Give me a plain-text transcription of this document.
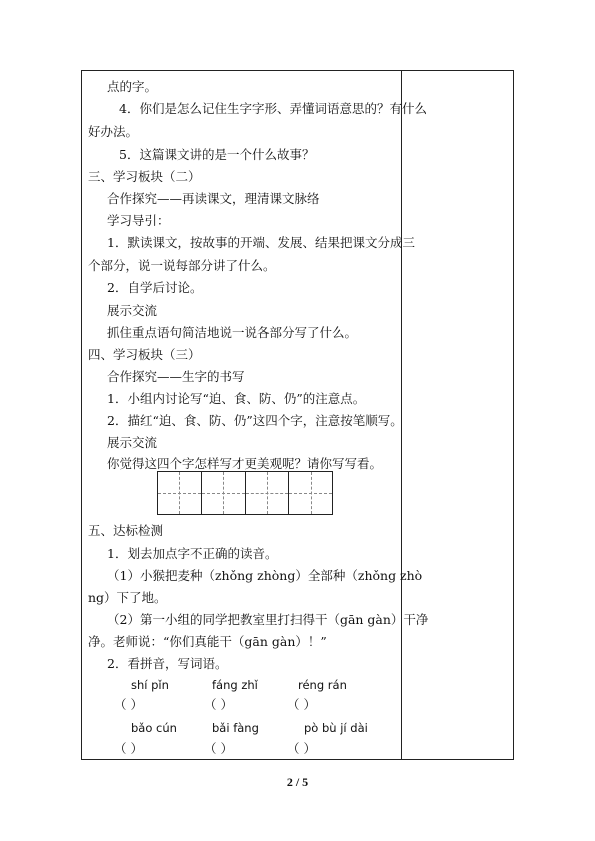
点的字。
4．你们是怎么记住生字字形、弄懂词语意思的？有什么
好办法。
5．这篇课文讲的是一个什么故事？
三、学习板块（二）
合作探究——再读课文，理清课文脉络
学习导引：
1．默读课文，按故事的开端、发展、结果把课文分成三
个部分，说一说每部分讲了什么。
2．自学后讨论。
展示交流
抓住重点语句简洁地说一说各部分写了什么。
四、学习板块（三）
合作探究——生字的书写
1．小组内讨论写“迫、食、防、仍”的注意点。
2．描红“迫、食、防、仍”这四个字，注意按笔顺写。
展示交流
你觉得这四个字怎样写才更美观呢？请你写写看。
五、达标检测
1．划去加点字不正确的读音。
（1）小猴把麦种（zhǒng zhòng）全部种（zhǒng zhò
ng）下了地。
（2）第一小组的同学把教室里打扫得干（gān gàn）干净
净。老师说：“你们真能干（gān gàn）！”
2．看拼音，写词语。
shí pǐn	fáng zhǐ	réng rán
（ ）	（ ）	（ ）
bǎo cún	bǎi fàng	pò bù jí dài
（ ）	（ ）	（ ）
2 / 5
